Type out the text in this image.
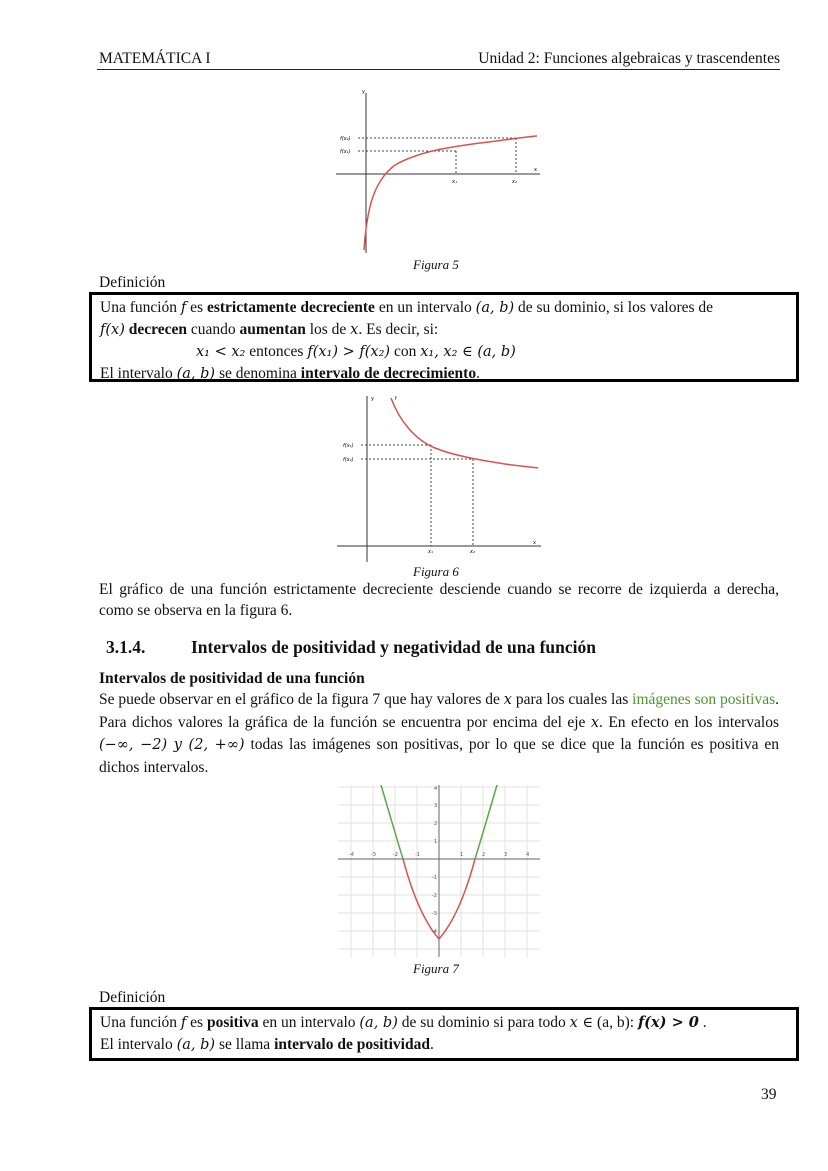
MATEMÁTICA I	Unidad 2: Funciones algebraicas y trascendentes
y
x
f(x₂)
f(x₁)
x₁	x₂
Figura 5
Definición

Una función f es estrictamente decreciente en un intervalo (a, b) de su dominio, si los valores de

f(x) decrecen cuando aumentan los de x. Es decir, si:

x₁ < x₂ entonces f(x₁) > f(x₂) con x₁, x₂ ∈ (a, b)

El intervalo (a, b) se denomina intervalo de decrecimiento.

y	f
x
f(x₁)
f(x₂)
x₁	x₂
Figura 6
El gráfico de una función estrictamente decreciente desciende cuando se recorre de izquierda a derecha, como se observa en la figura 6.
3.1.4.	Intervalos de positividad y negatividad de una función
Intervalos de positividad de una función
Se puede observar en el gráfico de la figura 7 que hay valores de x para los cuales las imágenes son positivas. Para dichos valores la gráfica de la función se encuentra por encima del eje x. En efecto en los intervalos (−∞, −2) y (2, +∞) todas las imágenes son positivas, por lo que se dice que la función es positiva en dichos intervalos.
-4	-3	-2	-1	1	2	3	4
4
3
2
1
-1
-2
-3
-4
Figura 7
Definición

Una función f es positiva en un intervalo (a, b) de su dominio si para todo x ∈ (a, b): f(x) > 0 .

El intervalo (a, b) se llama intervalo de positividad.

39
